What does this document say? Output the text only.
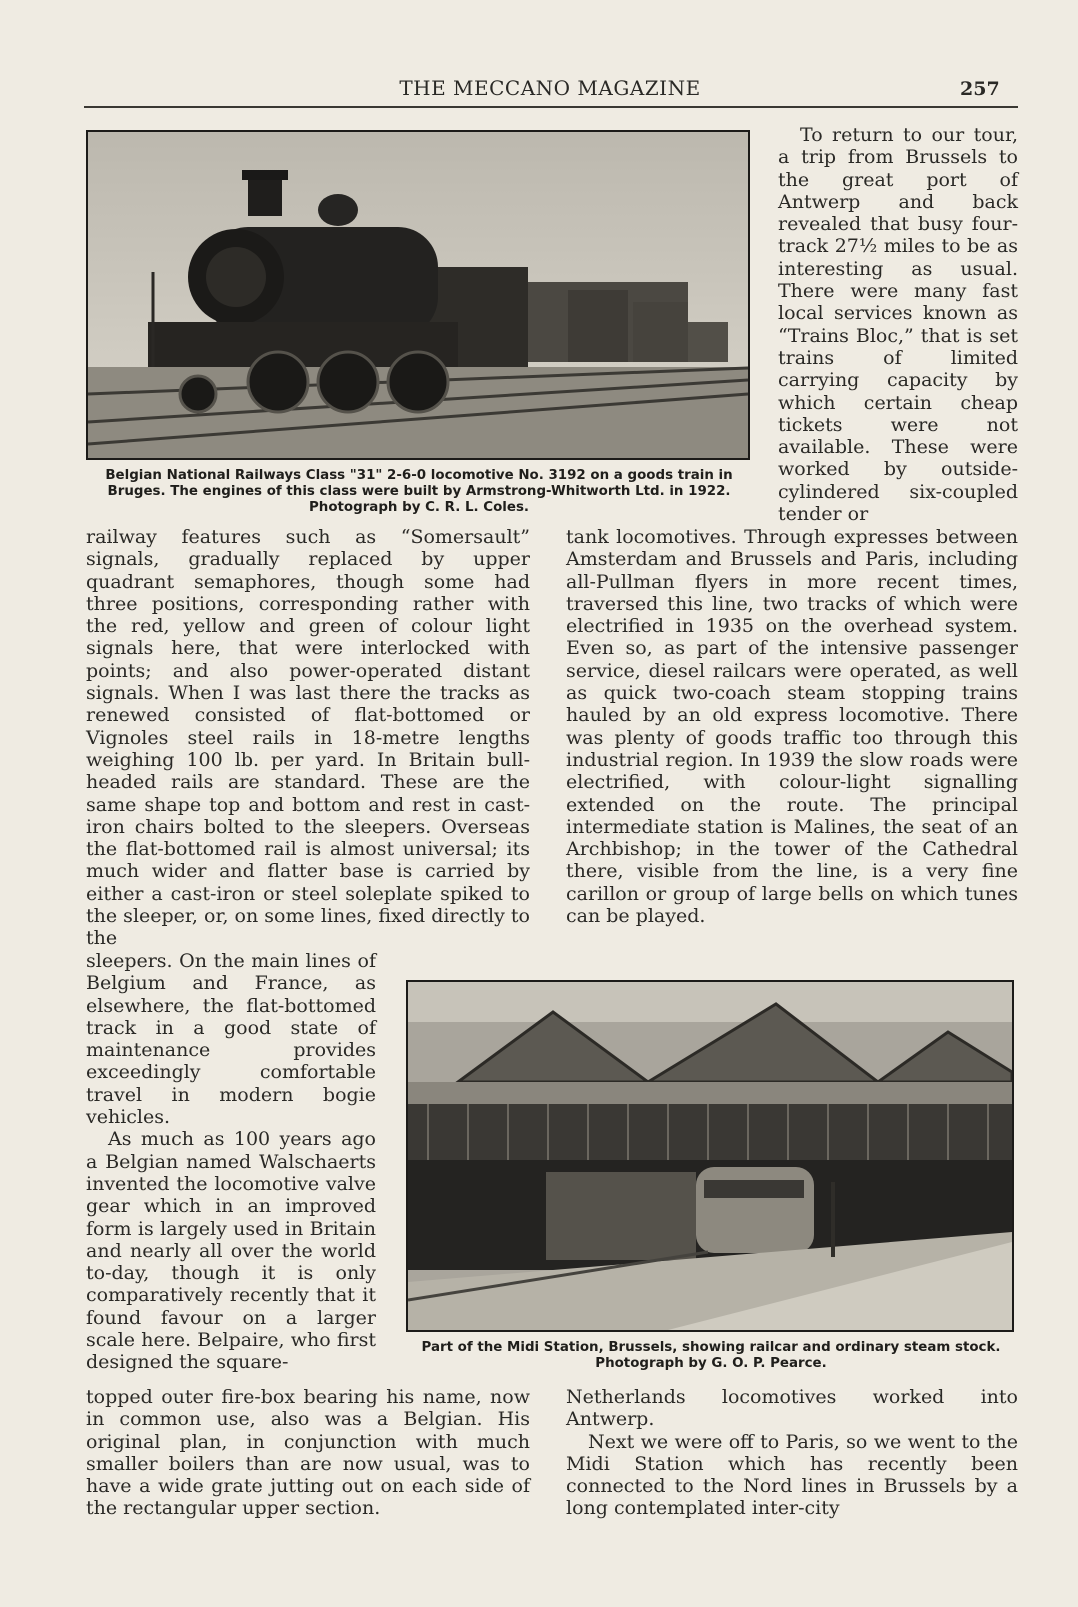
THE MECCANO MAGAZINE	257
Belgian National Railways Class "31" 2-6-0 locomotive No. 3192 on a goods train in Bruges. The engines of this class were built by Armstrong-Whitworth Ltd. in 1922. Photograph by C. R. L. Coles.

To return to our tour, a trip from Brussels to the great port of Antwerp and back revealed that busy four-track 27½ miles to be as interesting as usual. There were many fast local services known as “Trains Bloc,” that is set trains of limited carrying capacity by which certain cheap tickets were not available. These were worked by outside-cylindered six-coupled tender or

railway features such as “Somersault” signals, gradually replaced by upper quadrant semaphores, though some had three positions, corresponding rather with the red, yellow and green of colour light signals here, that were interlocked with points; and also power-operated distant signals. When I was last there the tracks as renewed consisted of flat-bottomed or Vignoles steel rails in 18-metre lengths weighing 100 lb. per yard. In Britain bull-headed rails are standard. These are the same shape top and bottom and rest in cast-iron chairs bolted to the sleepers. Overseas the flat-bottomed rail is almost universal; its much wider and flatter base is carried by either a cast-iron or steel soleplate spiked to the sleeper, or, on some lines, fixed directly to the

tank locomotives. Through expresses between Amsterdam and Brussels and Paris, including all-Pullman flyers in more recent times, traversed this line, two tracks of which were electrified in 1935 on the overhead system. Even so, as part of the intensive passenger service, diesel railcars were operated, as well as quick two-coach steam stopping trains hauled by an old express locomotive. There was plenty of goods traffic too through this industrial region. In 1939 the slow roads were electrified, with colour-light signalling extended on the route. The principal intermediate station is Malines, the seat of an Archbishop; in the tower of the Cathedral there, visible from the line, is a very fine carillon or group of large bells on which tunes can be played.

sleepers. On the main lines of Belgium and France, as elsewhere, the flat-bottomed track in a good state of maintenance provides exceedingly comfortable travel in modern bogie vehicles.

As much as 100 years ago a Belgian named Walschaerts invented the locomotive valve gear which in an improved form is largely used in Britain and nearly all over the world to-day, though it is only comparatively recently that it found favour on a larger scale here. Belpaire, who first designed the square-

Part of the Midi Station, Brussels, showing railcar and ordinary steam stock. Photograph by G. O. P. Pearce.

topped outer fire-box bearing his name, now in common use, also was a Belgian. His original plan, in conjunction with much smaller boilers than are now usual, was to have a wide grate jutting out on each side of the rectangular upper section.

Netherlands locomotives worked into Antwerp.

Next we were off to Paris, so we went to the Midi Station which has recently been connected to the Nord lines in Brussels by a long contemplated inter-city
